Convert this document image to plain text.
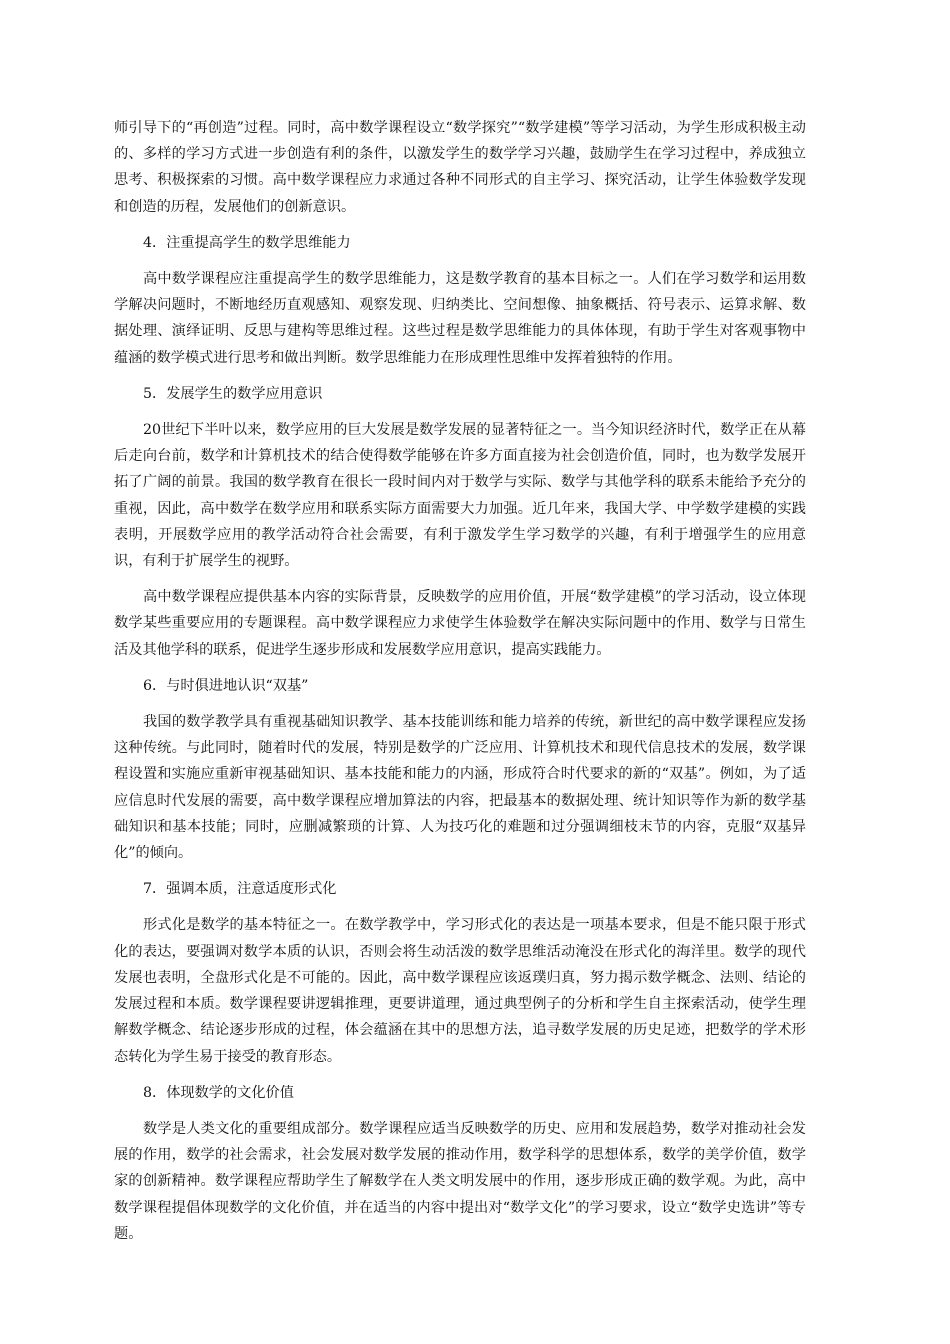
师引导下的“再创造”过程。同时，高中数学课程设立“数学探究”“数学建模”等学习活动，为学生形成积极主动的、多样的学习方式进一步创造有利的条件，以激发学生的数学学习兴趣，鼓励学生在学习过程中，养成独立思考、积极探索的习惯。高中数学课程应力求通过各种不同形式的自主学习、探究活动，让学生体验数学发现和创造的历程，发展他们的创新意识。

4．注重提高学生的数学思维能力

高中数学课程应注重提高学生的数学思维能力，这是数学教育的基本目标之一。人们在学习数学和运用数学解决问题时，不断地经历直观感知、观察发现、归纳类比、空间想像、抽象概括、符号表示、运算求解、数据处理、演绎证明、反思与建构等思维过程。这些过程是数学思维能力的具体体现，有助于学生对客观事物中蕴涵的数学模式进行思考和做出判断。数学思维能力在形成理性思维中发挥着独特的作用。

5．发展学生的数学应用意识

20世纪下半叶以来，数学应用的巨大发展是数学发展的显著特征之一。当今知识经济时代，数学正在从幕后走向台前，数学和计算机技术的结合使得数学能够在许多方面直接为社会创造价值，同时，也为数学发展开拓了广阔的前景。我国的数学教育在很长一段时间内对于数学与实际、数学与其他学科的联系未能给予充分的重视，因此，高中数学在数学应用和联系实际方面需要大力加强。近几年来，我国大学、中学数学建模的实践表明，开展数学应用的教学活动符合社会需要，有利于激发学生学习数学的兴趣，有利于增强学生的应用意识，有利于扩展学生的视野。

高中数学课程应提供基本内容的实际背景，反映数学的应用价值，开展“数学建模”的学习活动，设立体现数学某些重要应用的专题课程。高中数学课程应力求使学生体验数学在解决实际问题中的作用、数学与日常生活及其他学科的联系，促进学生逐步形成和发展数学应用意识，提高实践能力。

6．与时俱进地认识“双基”

我国的数学教学具有重视基础知识教学、基本技能训练和能力培养的传统，新世纪的高中数学课程应发扬这种传统。与此同时，随着时代的发展，特别是数学的广泛应用、计算机技术和现代信息技术的发展，数学课程设置和实施应重新审视基础知识、基本技能和能力的内涵，形成符合时代要求的新的“双基”。例如，为了适应信息时代发展的需要，高中数学课程应增加算法的内容，把最基本的数据处理、统计知识等作为新的数学基础知识和基本技能；同时，应删减繁琐的计算、人为技巧化的难题和过分强调细枝末节的内容，克服“双基异化”的倾向。

7．强调本质，注意适度形式化

形式化是数学的基本特征之一。在数学教学中，学习形式化的表达是一项基本要求，但是不能只限于形式化的表达，要强调对数学本质的认识，否则会将生动活泼的数学思维活动淹没在形式化的海洋里。数学的现代发展也表明，全盘形式化是不可能的。因此，高中数学课程应该返璞归真，努力揭示数学概念、法则、结论的发展过程和本质。数学课程要讲逻辑推理，更要讲道理，通过典型例子的分析和学生自主探索活动，使学生理解数学概念、结论逐步形成的过程，体会蕴涵在其中的思想方法，追寻数学发展的历史足迹，把数学的学术形态转化为学生易于接受的教育形态。

8．体现数学的文化价值

数学是人类文化的重要组成部分。数学课程应适当反映数学的历史、应用和发展趋势，数学对推动社会发展的作用，数学的社会需求，社会发展对数学发展的推动作用，数学科学的思想体系，数学的美学价值，数学家的创新精神。数学课程应帮助学生了解数学在人类文明发展中的作用，逐步形成正确的数学观。为此，高中数学课程提倡体现数学的文化价值，并在适当的内容中提出对“数学文化”的学习要求，设立“数学史选讲”等专题。
